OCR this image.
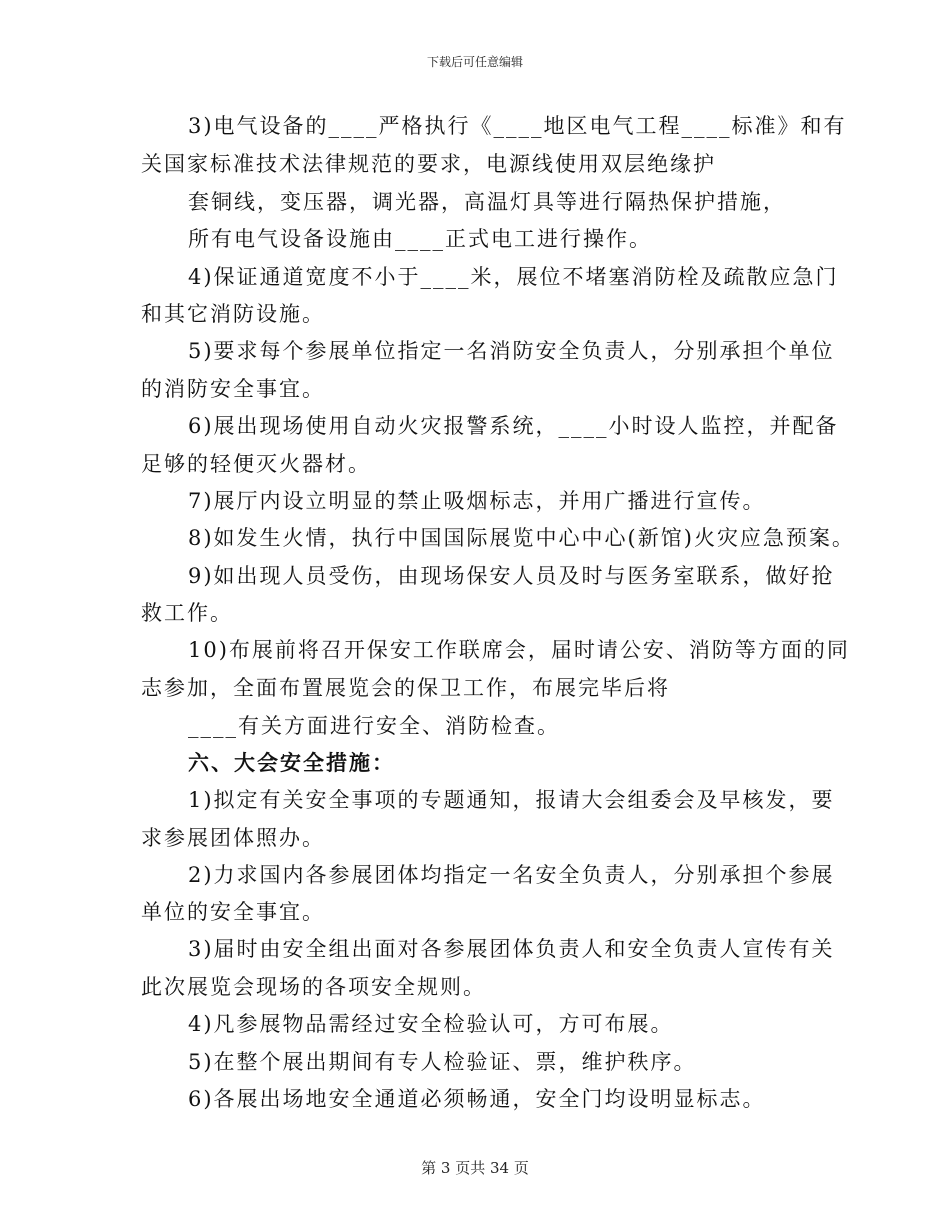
下载后可任意编辑
3)电气设备的____严格执行《____地区电气工程____标准》和有
关国家标准技术法律规范的要求，电源线使用双层绝缘护
套铜线，变压器，调光器，高温灯具等进行隔热保护措施，
所有电气设备设施由____正式电工进行操作。
4)保证通道宽度不小于____米，展位不堵塞消防栓及疏散应急门
和其它消防设施。
5)要求每个参展单位指定一名消防安全负责人，分别承担个单位
的消防安全事宜。
6)展出现场使用自动火灾报警系统，____小时设人监控，并配备
足够的轻便灭火器材。
7)展厅内设立明显的禁止吸烟标志，并用广播进行宣传。
8)如发生火情，执行中国国际展览中心中心(新馆)火灾应急预案。
9)如出现人员受伤，由现场保安人员及时与医务室联系，做好抢
救工作。
10)布展前将召开保安工作联席会，届时请公安、消防等方面的同
志参加，全面布置展览会的保卫工作，布展完毕后将
____有关方面进行安全、消防检查。
六、大会安全措施：
1)拟定有关安全事项的专题通知，报请大会组委会及早核发，要
求参展团体照办。
2)力求国内各参展团体均指定一名安全负责人，分别承担个参展
单位的安全事宜。
3)届时由安全组出面对各参展团体负责人和安全负责人宣传有关
此次展览会现场的各项安全规则。
4)凡参展物品需经过安全检验认可，方可布展。
5)在整个展出期间有专人检验证、票，维护秩序。
6)各展出场地安全通道必须畅通，安全门均设明显标志。
第 3 页共 34 页
